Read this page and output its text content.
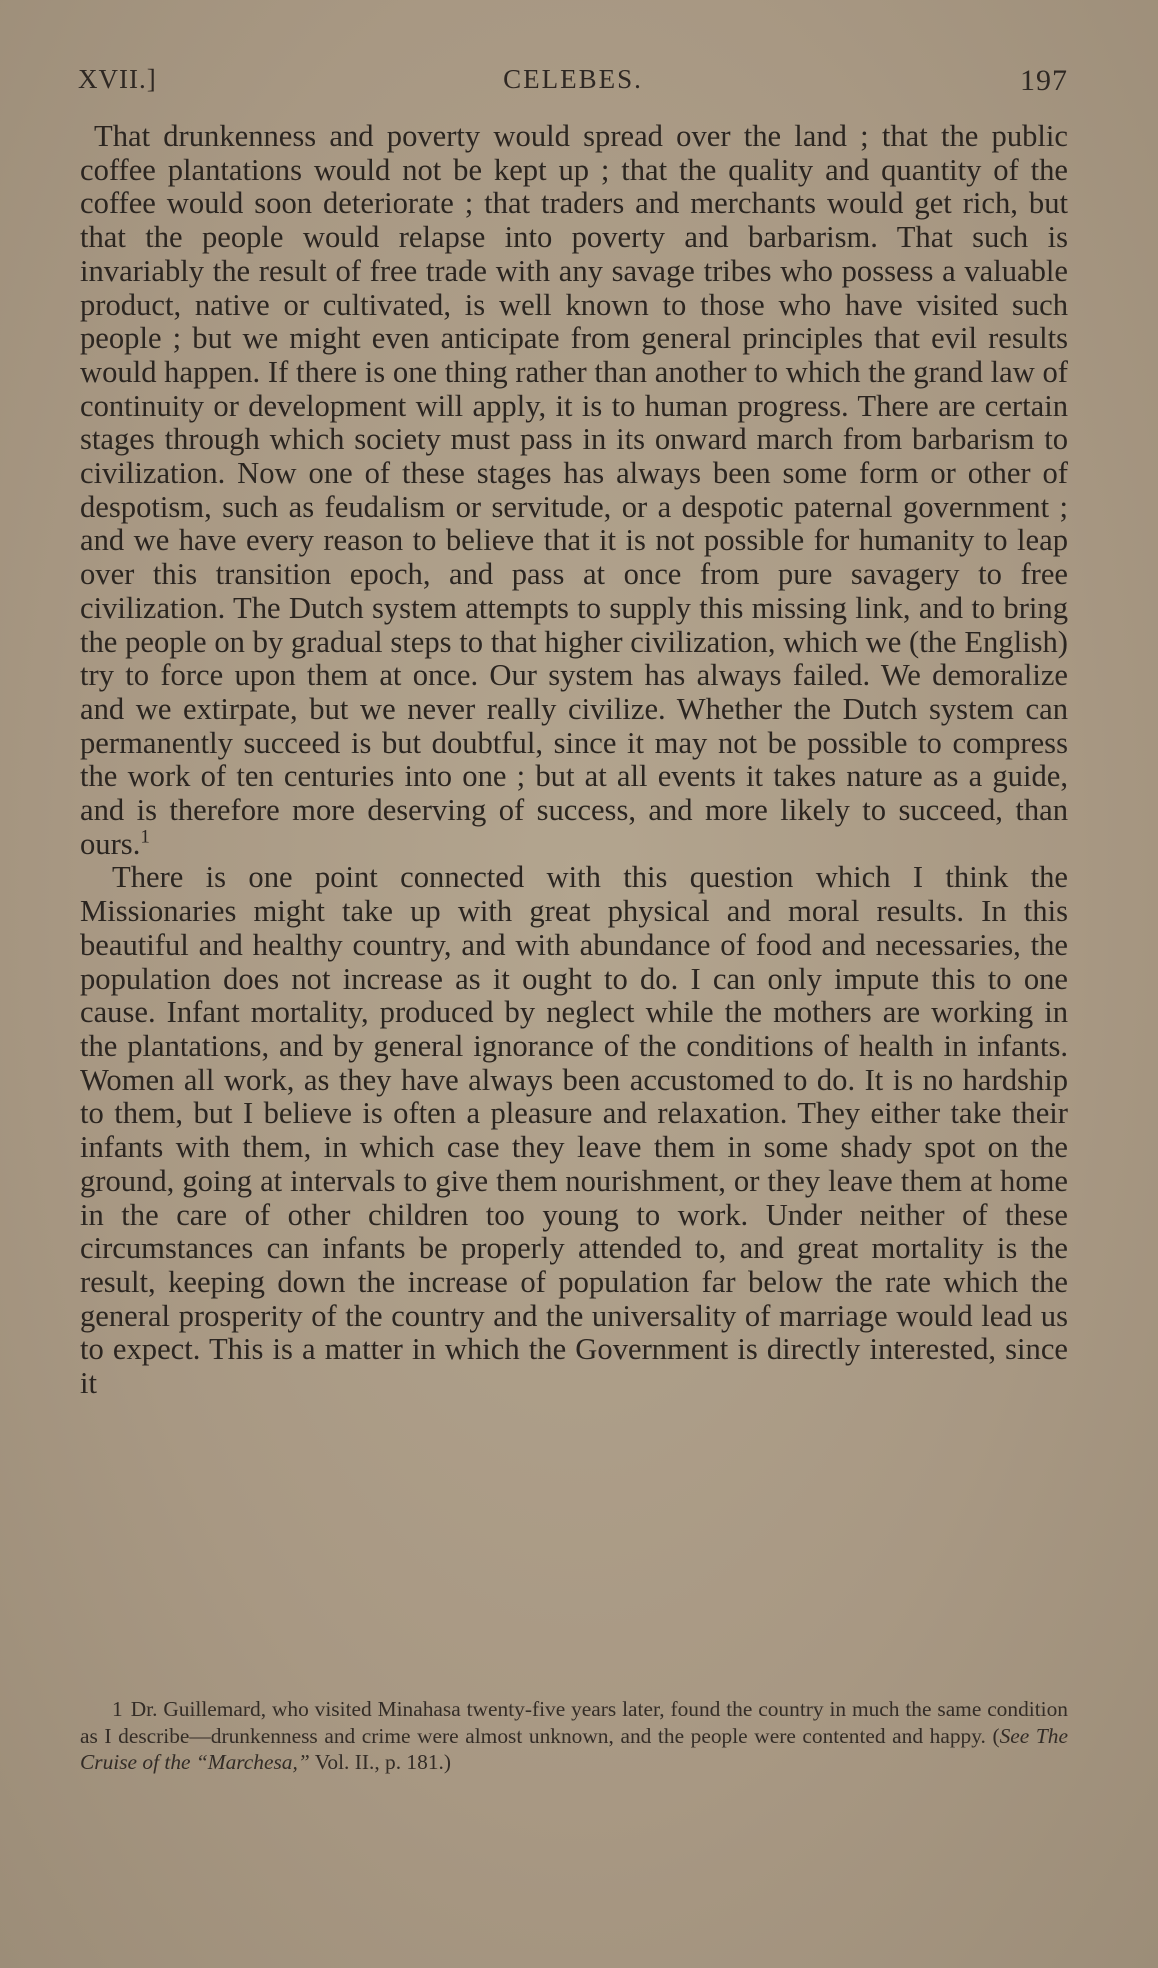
XVII.]	CELEBES.	197

That drunkenness and poverty would spread over the land ; that the public coffee plantations would not be kept up ; that the quality and quantity of the coffee would soon deteriorate ; that traders and merchants would get rich, but that the people would relapse into poverty and barbarism. That such is invariably the result of free trade with any savage tribes who possess a valuable product, native or cultivated, is well known to those who have visited such people ; but we might even anticipate from general principles that evil results would happen. If there is one thing rather than another to which the grand law of continuity or development will apply, it is to human progress. There are certain stages through which society must pass in its onward march from barbarism to civilization. Now one of these stages has always been some form or other of despotism, such as feudalism or servitude, or a despotic paternal government ; and we have every reason to believe that it is not possible for humanity to leap over this transition epoch, and pass at once from pure savagery to free civilization. The Dutch system attempts to supply this missing link, and to bring the people on by gradual steps to that higher civilization, which we (the English) try to force upon them at once. Our system has always failed. We demoralize and we extirpate, but we never really civilize. Whether the Dutch system can permanently succeed is but doubtful, since it may not be possible to compress the work of ten centuries into one ; but at all events it takes nature as a guide, and is therefore more deserving of success, and more likely to succeed, than ours.$^1$

There is one point connected with this question which I think the Missionaries might take up with great physical and moral results. In this beautiful and healthy country, and with abundance of food and necessaries, the population does not increase as it ought to do. I can only impute this to one cause. Infant mortality, produced by neglect while the mothers are working in the plantations, and by general ignorance of the conditions of health in infants. Women all work, as they have always been accustomed to do. It is no hardship to them, but I believe is often a pleasure and relaxation. They either take their infants with them, in which case they leave them in some shady spot on the ground, going at intervals to give them nourishment, or they leave them at home in the care of other children too young to work. Under neither of these circumstances can infants be properly attended to, and great mortality is the result, keeping down the increase of population far below the rate which the general prosperity of the country and the universality of marriage would lead us to expect. This is a matter in which the Government is directly interested, since it

1 Dr. Guillemard, who visited Minahasa twenty-five years later, found the country in much the same condition as I describe—drunkenness and crime were almost unknown, and the people were contented and happy. (See The Cruise of the “Marchesa,” Vol. II., p. 181.)
